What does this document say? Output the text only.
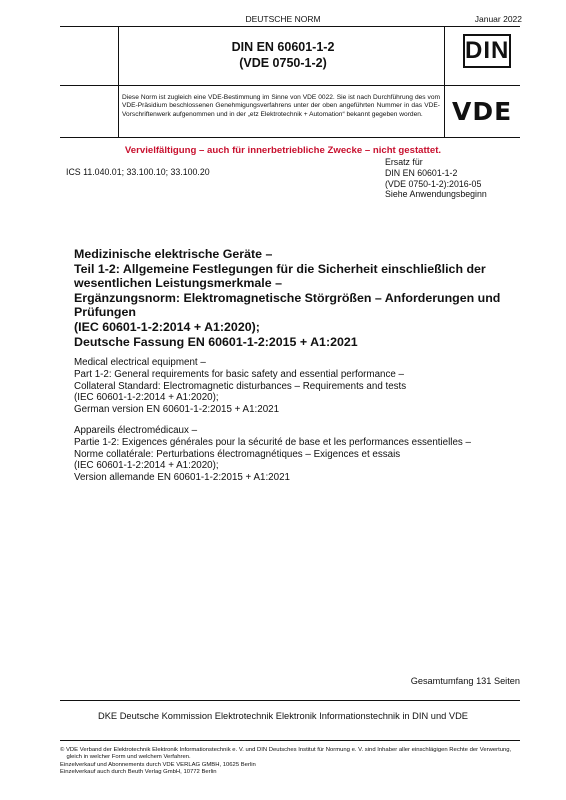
DEUTSCHE NORM	Januar 2022
DIN EN 60601-1-2
(VDE 0750-1-2)	DIN
VDE
Diese Norm ist zugleich eine VDE-Bestimmung im Sinne von VDE 0022. Sie ist nach Durchführung des vom VDE-Präsidium beschlossenen Genehmigungsverfahrens unter der oben angeführten Nummer in das VDE-Vorschriftenwerk aufgenommen und in der „etz Elektrotechnik + Automation“ bekannt gegeben worden.
Vervielfältigung – auch für innerbetriebliche Zwecke – nicht gestattet.
ICS 11.040.01; 33.100.10; 33.100.20
Ersatz für
DIN EN 60601-1-2
(VDE 0750-1-2):2016-05
Siehe Anwendungsbeginn
Medizinische elektrische Geräte –
Teil 1-2: Allgemeine Festlegungen für die Sicherheit einschließlich der
wesentlichen Leistungsmerkmale –
Ergänzungsnorm: Elektromagnetische Störgrößen – Anforderungen und
Prüfungen
(IEC 60601-1-2:2014 + A1:2020);
Deutsche Fassung EN 60601-1-2:2015 + A1:2021
Medical electrical equipment –
Part 1-2: General requirements for basic safety and essential performance –
Collateral Standard: Electromagnetic disturbances – Requirements and tests
(IEC 60601-1-2:2014 + A1:2020);
German version EN 60601-1-2:2015 + A1:2021
Appareils électromédicaux –
Partie 1-2: Exigences générales pour la sécurité de base et les performances essentielles –
Norme collatérale: Perturbations électromagnétiques – Exigences et essais
(IEC 60601-1-2:2014 + A1:2020);
Version allemande EN 60601-1-2:2015 + A1:2021
Gesamtumfang 131 Seiten
DKE Deutsche Kommission Elektrotechnik Elektronik Informationstechnik in DIN und VDE
© VDE Verband der Elektrotechnik Elektronik Informationstechnik e. V. und DIN Deutsches Institut für Normung e. V. sind Inhaber aller einschlägigen Rechte der Verwertung,
gleich in welcher Form und welchem Verfahren.
Einzelverkauf und Abonnements durch VDE VERLAG GMBH, 10625 Berlin
Einzelverkauf auch durch Beuth Verlag GmbH, 10772 Berlin
